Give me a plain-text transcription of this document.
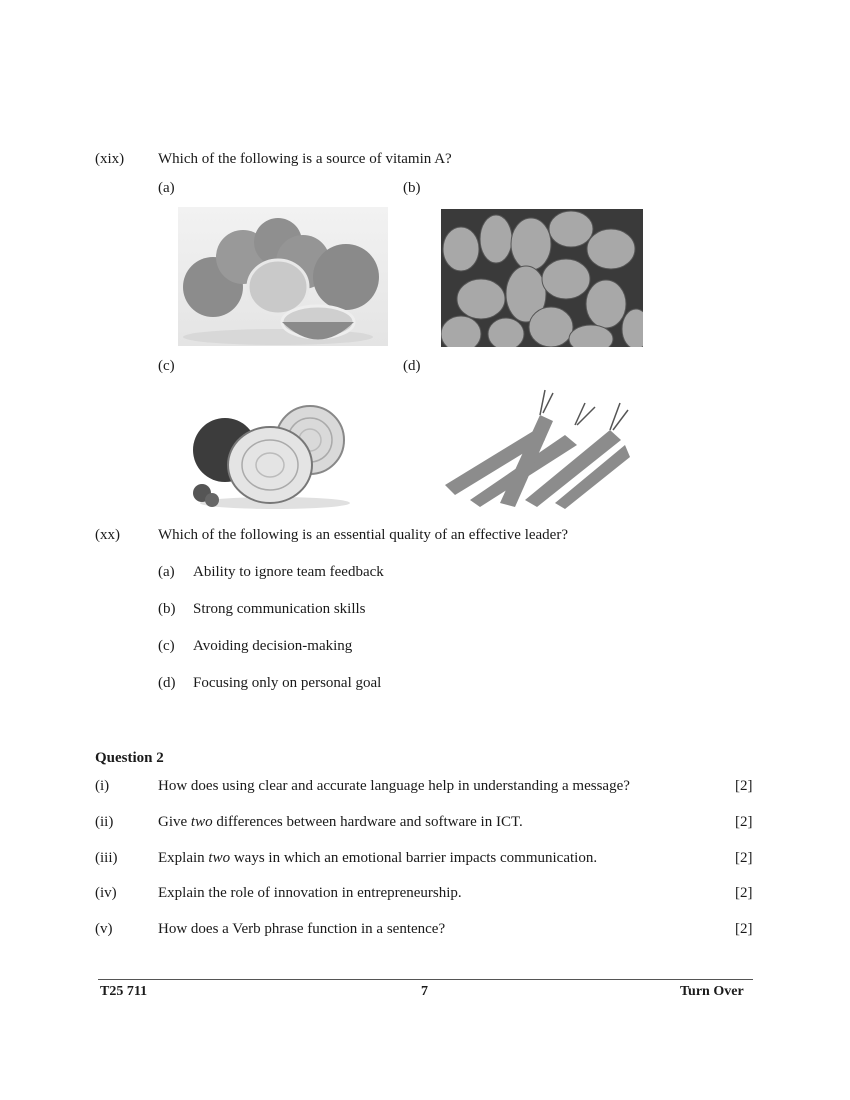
(xix) Which of the following is a source of vitamin A?
(a)	(b)
(c)	(d)
(xx)	Which of the following is an essential quality of an effective leader?
(a) Ability to ignore team feedback
(b) Strong communication skills
(c) Avoiding decision-making
(d) Focusing only on personal goal
Question 2
(i)	How does using clear and accurate language help in understanding a message?	[2]
(ii)	Give two differences between hardware and software in ICT.	[2]
(iii)	Explain two ways in which an emotional barrier impacts communication.	[2]
(iv)	Explain the role of innovation in entrepreneurship.	[2]
(v)	How does a Verb phrase function in a sentence?	[2]
T25 711	7	Turn Over
